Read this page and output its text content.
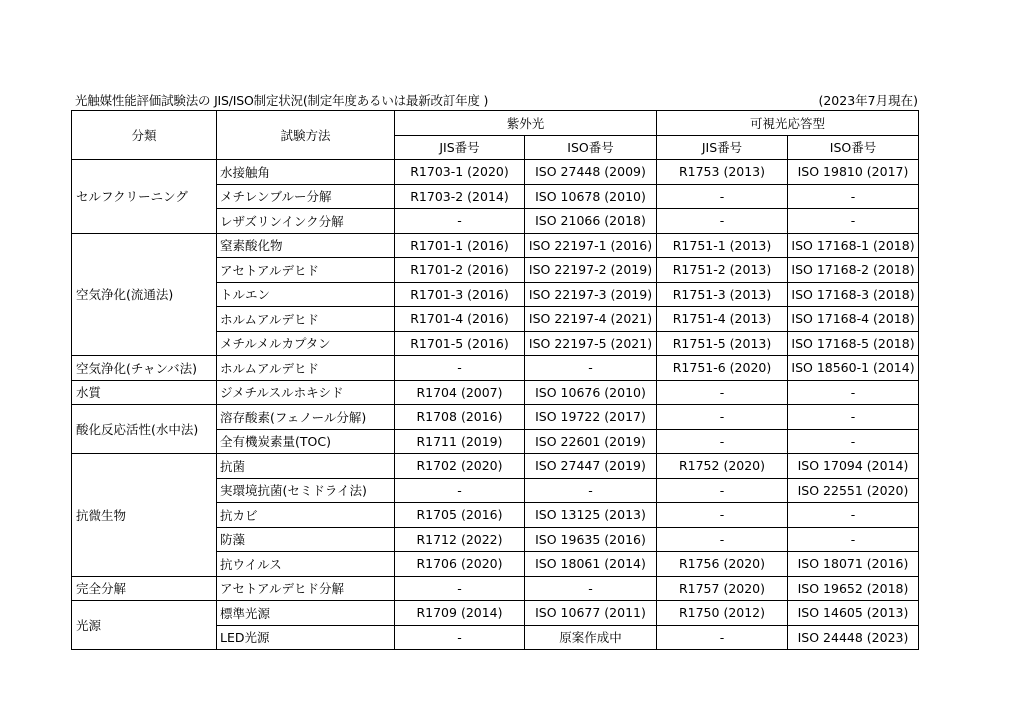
光触媒性能評価試験法の JIS/ISO制定状況(制定年度あるいは最新改訂年度 )	(2023年7月現在)
分類	試験方法	紫外光		可視光応答型	
		JIS番号	ISO番号	JIS番号	ISO番号
セルフクリーニング	水接触角	R1703-1 (2020)	ISO 27448 (2009)	R1753 (2013)	ISO 19810 (2017)
	メチレンブルー分解	R1703-2 (2014)	ISO 10678 (2010)	-	-
	レザズリンインク分解	-	ISO 21066 (2018)	-	-
空気浄化(流通法)	窒素酸化物	R1701-1 (2016)	ISO 22197-1 (2016)	R1751-1 (2013)	ISO 17168-1 (2018)
	アセトアルデヒド	R1701-2 (2016)	ISO 22197-2 (2019)	R1751-2 (2013)	ISO 17168-2 (2018)
	トルエン	R1701-3 (2016)	ISO 22197-3 (2019)	R1751-3 (2013)	ISO 17168-3 (2018)
	ホルムアルデヒド	R1701-4 (2016)	ISO 22197-4 (2021)	R1751-4 (2013)	ISO 17168-4 (2018)
	メチルメルカプタン	R1701-5 (2016)	ISO 22197-5 (2021)	R1751-5 (2013)	ISO 17168-5 (2018)
空気浄化(チャンバ法)	ホルムアルデヒド	-	-	R1751-6 (2020)	ISO 18560-1 (2014)
水質	ジメチルスルホキシド	R1704 (2007)	ISO 10676 (2010)	-	-
酸化反応活性(水中法)	溶存酸素(フェノール分解)	R1708 (2016)	ISO 19722 (2017)	-	-
	全有機炭素量(TOC)	R1711 (2019)	ISO 22601 (2019)	-	-
抗微生物	抗菌	R1702 (2020)	ISO 27447 (2019)	R1752 (2020)	ISO 17094 (2014)
	実環境抗菌(セミドライ法)	-	-	-	ISO 22551 (2020)
	抗カビ	R1705 (2016)	ISO 13125 (2013)	-	-
	防藻	R1712 (2022)	ISO 19635 (2016)	-	-
	抗ウイルス	R1706 (2020)	ISO 18061 (2014)	R1756 (2020)	ISO 18071 (2016)
完全分解	アセトアルデヒド分解	-	-	R1757 (2020)	ISO 19652 (2018)
光源	標準光源	R1709 (2014)	ISO 10677 (2011)	R1750 (2012)	ISO 14605 (2013)
	LED光源	-	原案作成中	-	ISO 24448 (2023)
